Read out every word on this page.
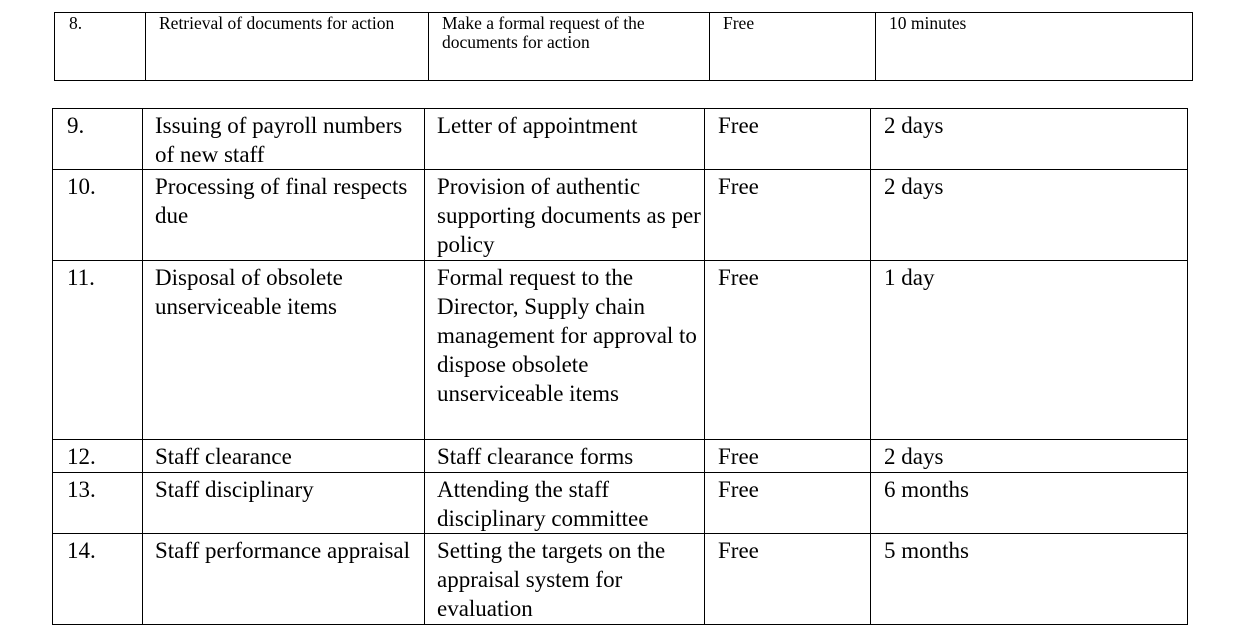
8.	Retrieval of documents for action	Make a formal request of the documents for action	Free	10 minutes
9.	Issuing of payroll numbers of new staff	Letter of appointment	Free	2 days
10.	Processing of final respects due	Provision of authentic supporting documents as per policy	Free	2 days
11.	Disposal of obsolete unserviceable items	Formal request to the Director, Supply chain management for approval to dispose obsolete unserviceable items	Free	1 day
12.	Staff clearance	Staff clearance forms	Free	2 days
13.	Staff disciplinary	Attending the staff disciplinary committee	Free	6 months
14.	Staff performance appraisal	Setting the targets on the appraisal system for evaluation	Free	5 months
